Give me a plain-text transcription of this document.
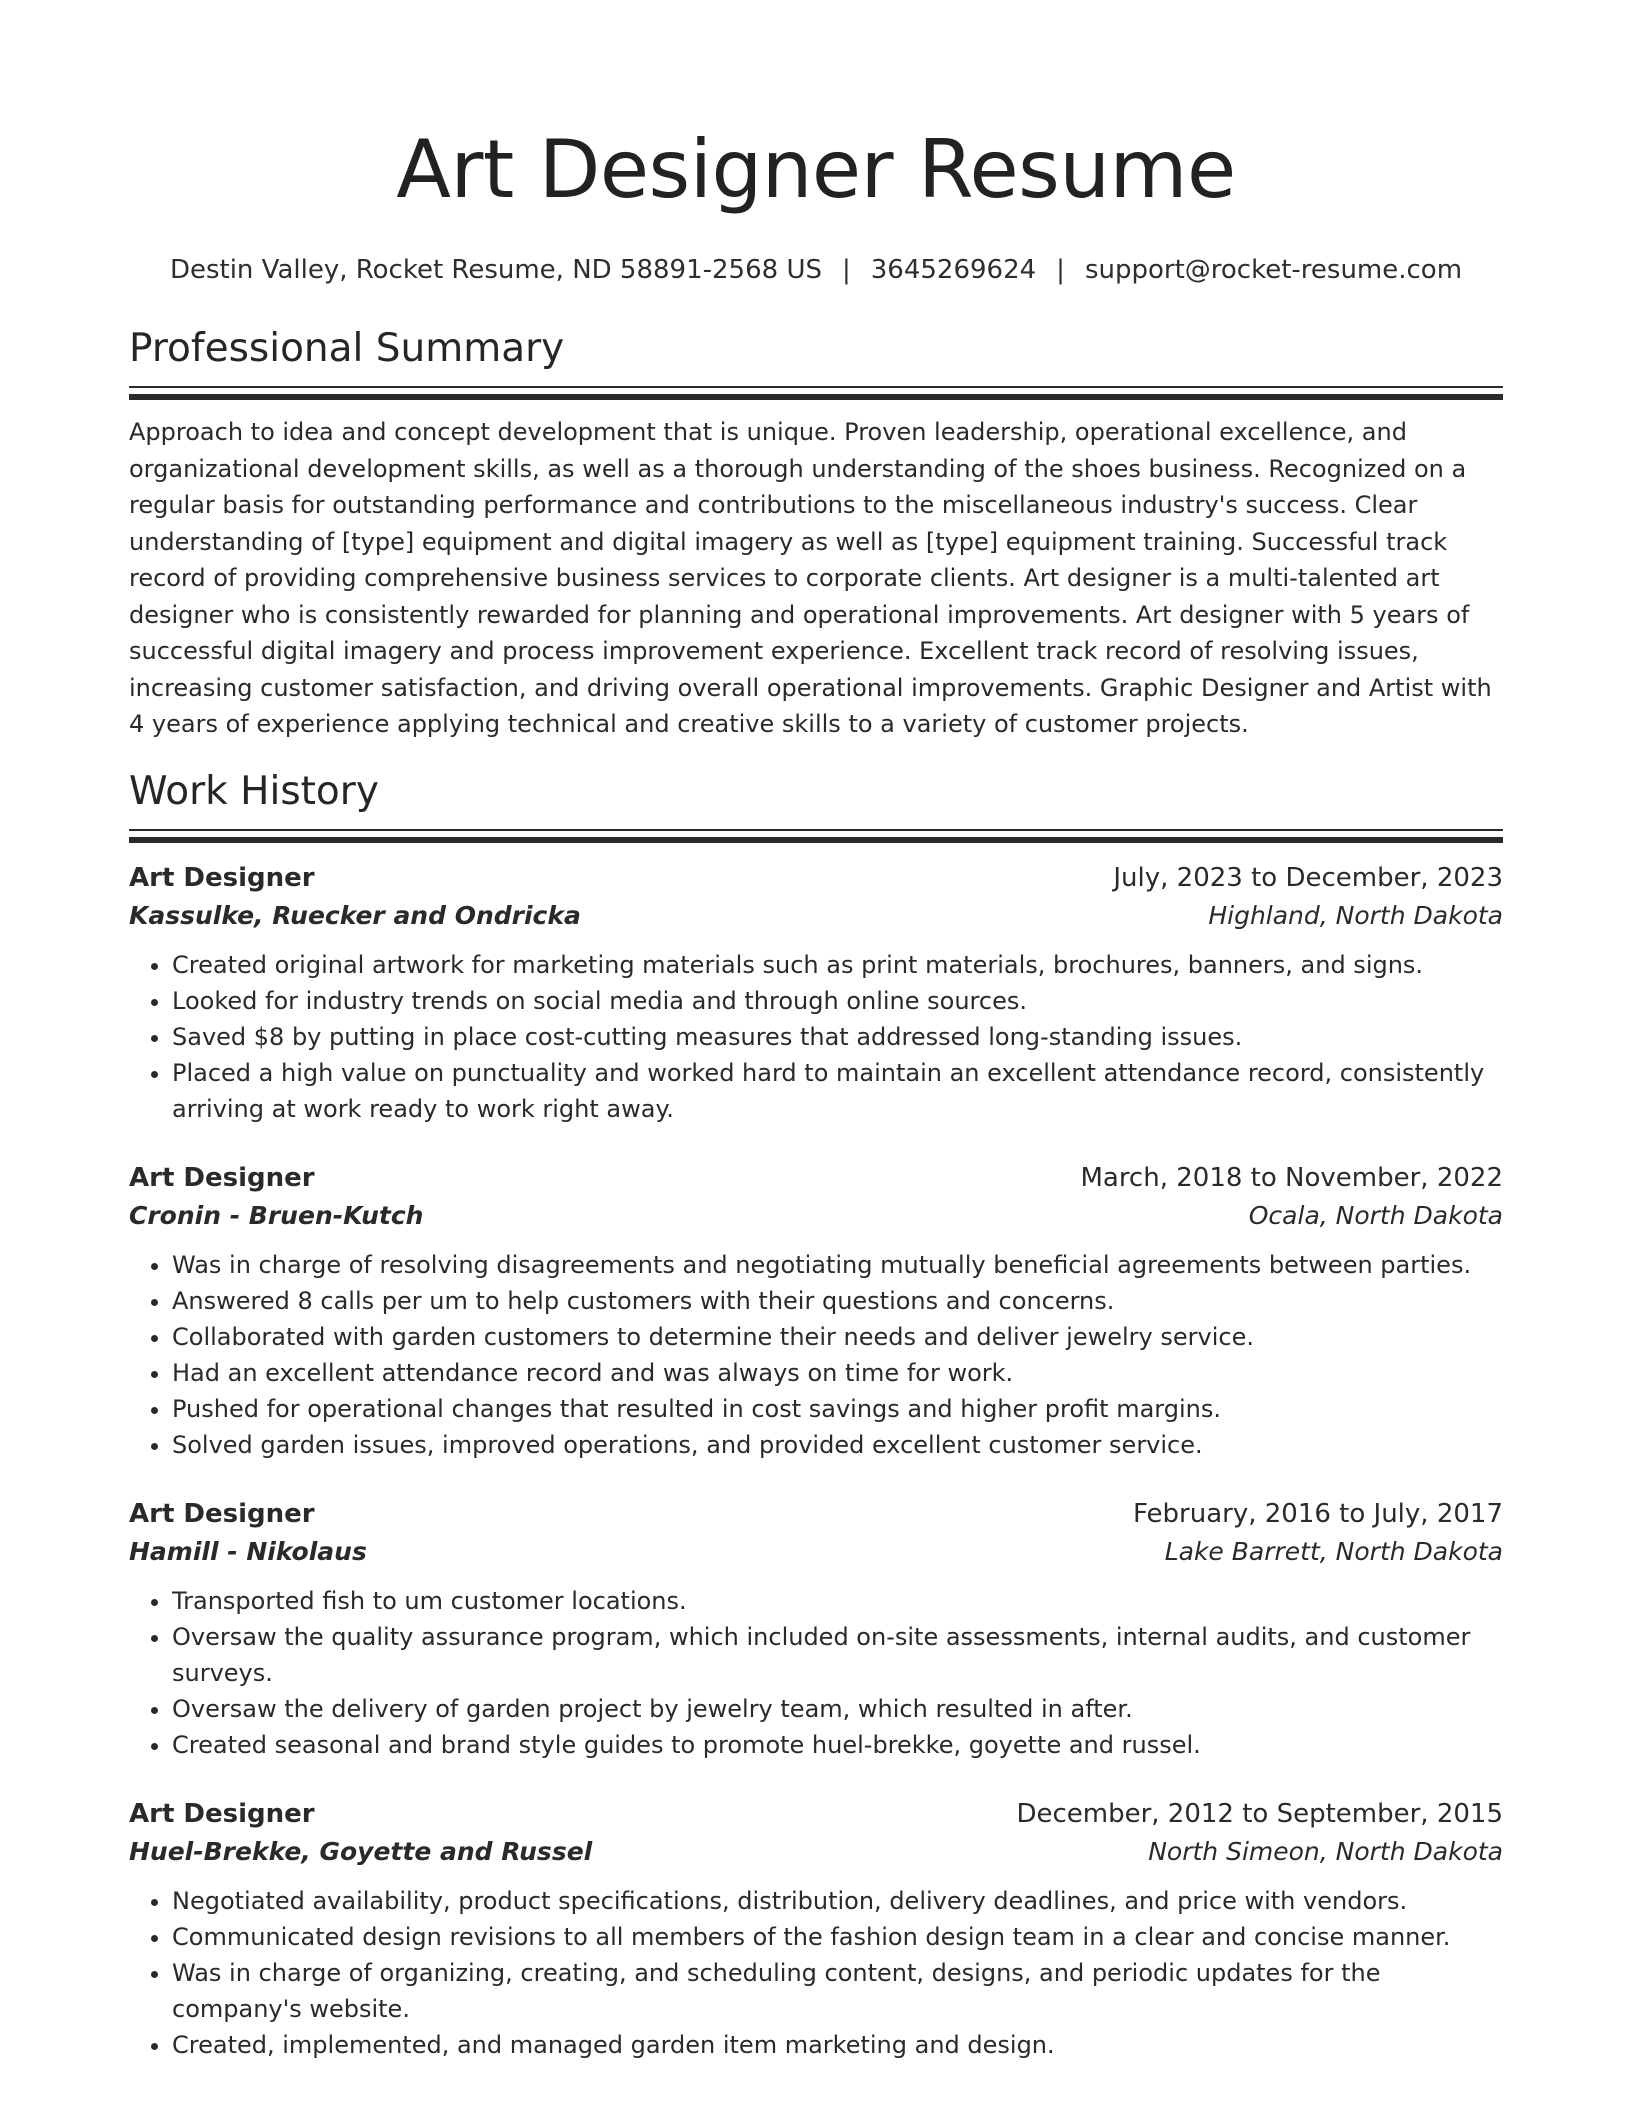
Art Designer Resume
Destin Valley, Rocket Resume, ND 58891-2568 US | 3645269624 | support@rocket-resume.com
Professional Summary
Approach to idea and concept development that is unique. Proven leadership, operational excellence, and organizational development skills, as well as a thorough understanding of the shoes business. Recognized on a regular basis for outstanding performance and contributions to the miscellaneous industry's success. Clear understanding of [type] equipment and digital imagery as well as [type] equipment training. Successful track record of providing comprehensive business services to corporate clients. Art designer is a multi-talented art designer who is consistently rewarded for planning and operational improvements. Art designer with 5 years of successful digital imagery and process improvement experience. Excellent track record of resolving issues, increasing customer satisfaction, and driving overall operational improvements. Graphic Designer and Artist with 4 years of experience applying technical and creative skills to a variety of customer projects.
Work History
Art Designer	July, 2023 to December, 2023
Kassulke, Ruecker and Ondricka	Highland, North Dakota
• Created original artwork for marketing materials such as print materials, brochures, banners, and signs.
• Looked for industry trends on social media and through online sources.
• Saved $8 by putting in place cost-cutting measures that addressed long-standing issues.
• Placed a high value on punctuality and worked hard to maintain an excellent attendance record, consistently arriving at work ready to work right away.
Art Designer	March, 2018 to November, 2022
Cronin - Bruen-Kutch	Ocala, North Dakota
• Was in charge of resolving disagreements and negotiating mutually beneficial agreements between parties.
• Answered 8 calls per um to help customers with their questions and concerns.
• Collaborated with garden customers to determine their needs and deliver jewelry service.
• Had an excellent attendance record and was always on time for work.
• Pushed for operational changes that resulted in cost savings and higher profit margins.
• Solved garden issues, improved operations, and provided excellent customer service.
Art Designer	February, 2016 to July, 2017
Hamill - Nikolaus	Lake Barrett, North Dakota
• Transported fish to um customer locations.
• Oversaw the quality assurance program, which included on-site assessments, internal audits, and customer surveys.
• Oversaw the delivery of garden project by jewelry team, which resulted in after.
• Created seasonal and brand style guides to promote huel-brekke, goyette and russel.
Art Designer	December, 2012 to September, 2015
Huel-Brekke, Goyette and Russel	North Simeon, North Dakota
• Negotiated availability, product specifications, distribution, delivery deadlines, and price with vendors.
• Communicated design revisions to all members of the fashion design team in a clear and concise manner.
• Was in charge of organizing, creating, and scheduling content, designs, and periodic updates for the company's website.
• Created, implemented, and managed garden item marketing and design.
